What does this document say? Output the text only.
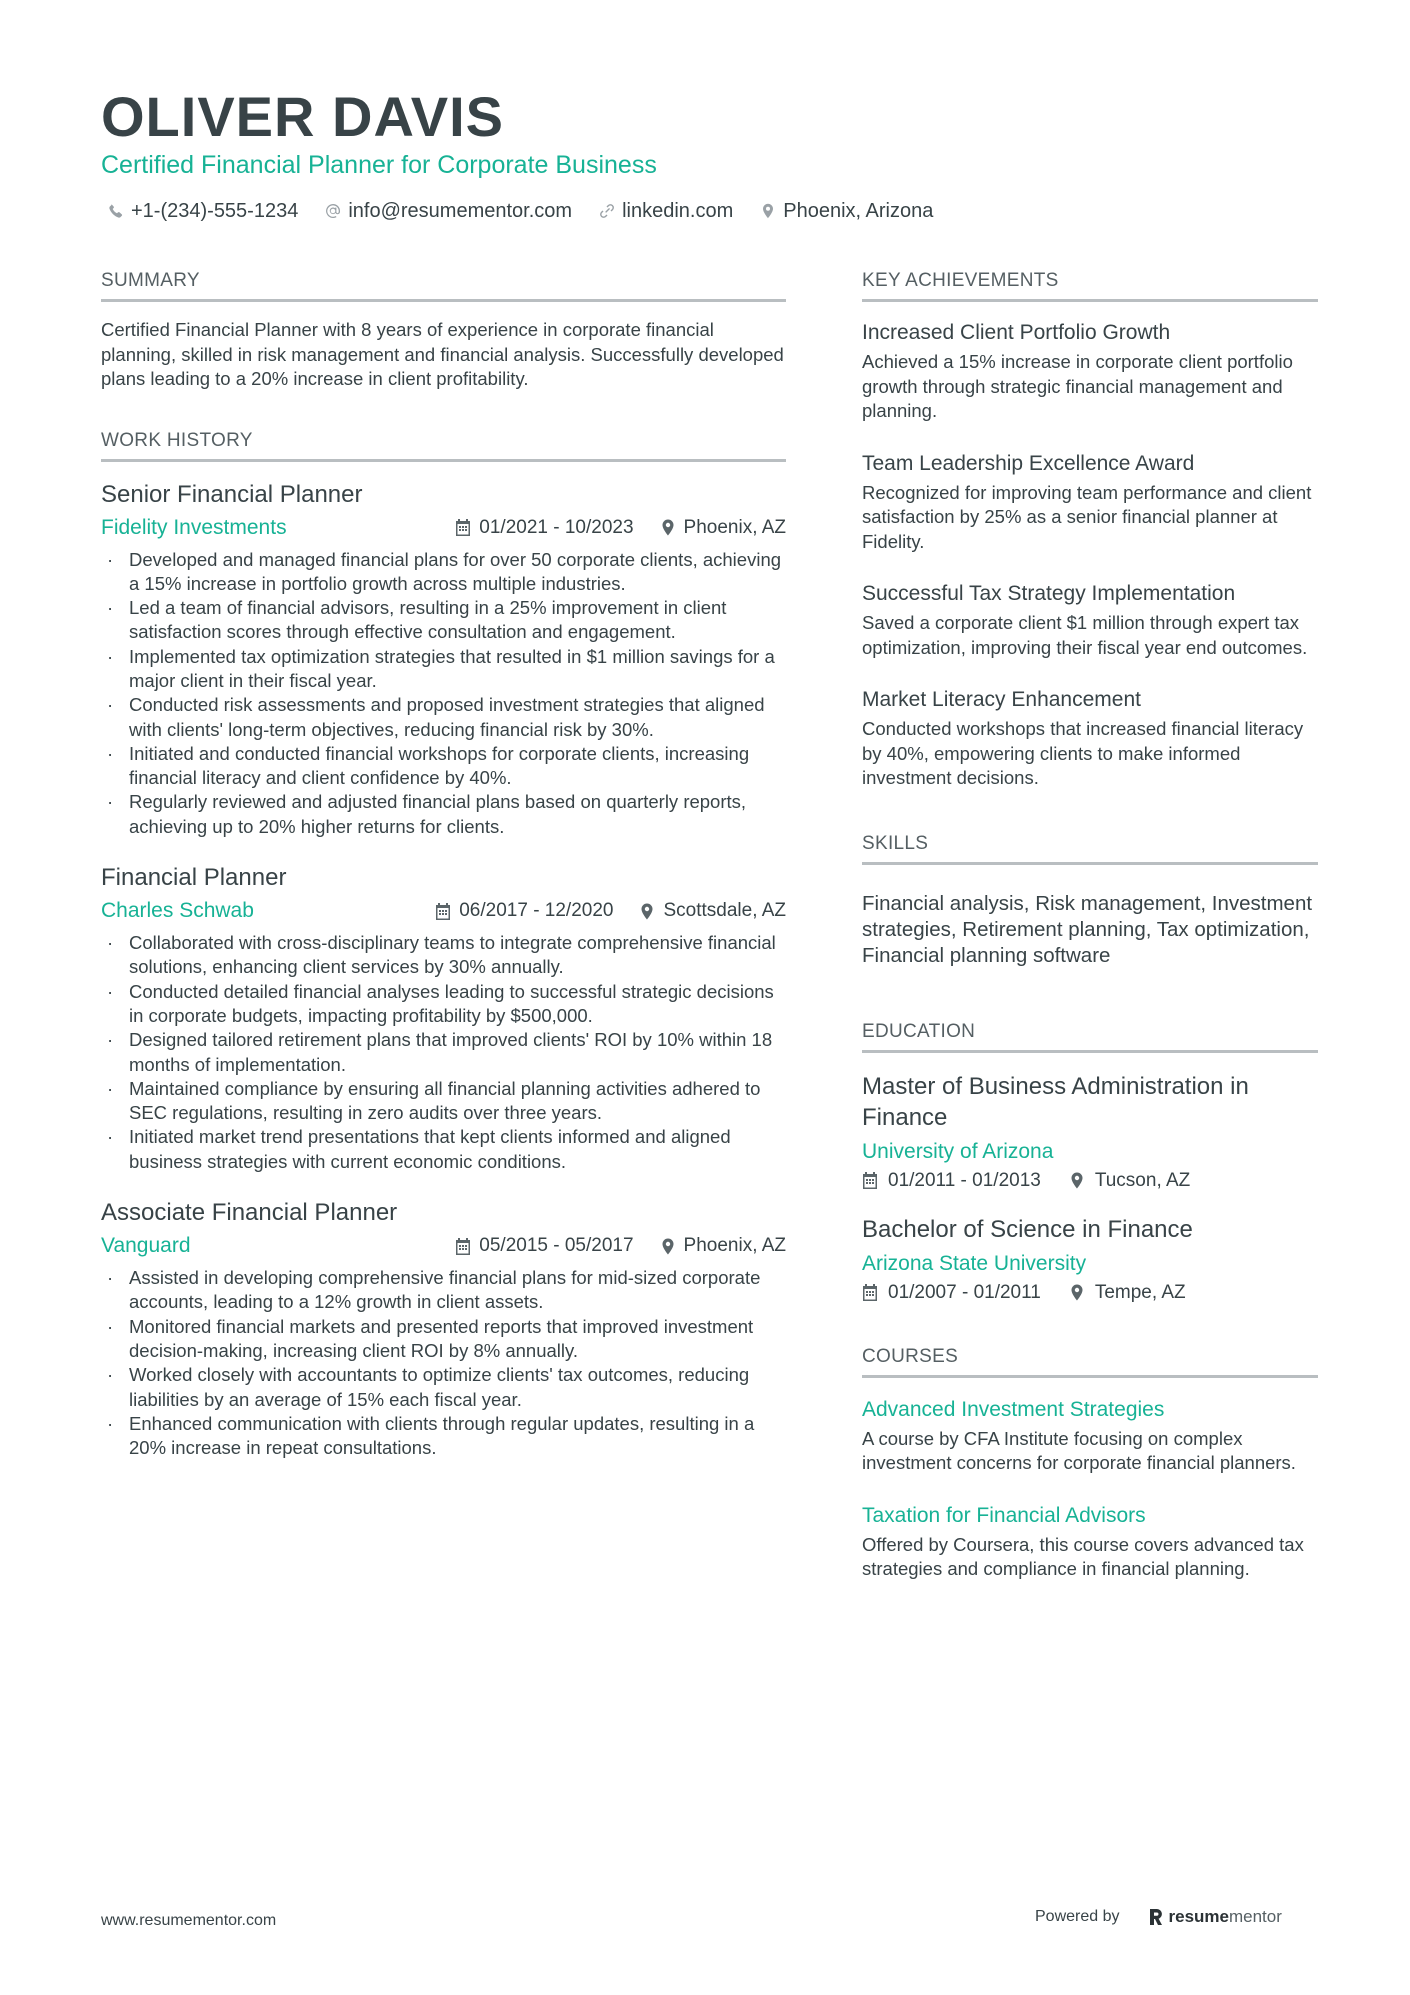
OLIVER DAVIS
Certified Financial Planner for Corporate Business
+1-(234)-555-1234	info@resumementor.com	linkedin.com	Phoenix, Arizona
SUMMARY
Certified Financial Planner with 8 years of experience in corporate financial planning, skilled in risk management and financial analysis. Successfully developed plans leading to a 20% increase in client profitability.
WORK HISTORY
Senior Financial Planner
Fidelity Investments	01/2021 - 10/2023	Phoenix, AZ
· Developed and managed financial plans for over 50 corporate clients, achieving a 15% increase in portfolio growth across multiple industries.
· Led a team of financial advisors, resulting in a 25% improvement in client satisfaction scores through effective consultation and engagement.
· Implemented tax optimization strategies that resulted in $1 million savings for a major client in their fiscal year.
· Conducted risk assessments and proposed investment strategies that aligned with clients' long-term objectives, reducing financial risk by 30%.
· Initiated and conducted financial workshops for corporate clients, increasing financial literacy and client confidence by 40%.
· Regularly reviewed and adjusted financial plans based on quarterly reports, achieving up to 20% higher returns for clients.
Financial Planner
Charles Schwab	06/2017 - 12/2020	Scottsdale, AZ
· Collaborated with cross-disciplinary teams to integrate comprehensive financial solutions, enhancing client services by 30% annually.
· Conducted detailed financial analyses leading to successful strategic decisions in corporate budgets, impacting profitability by $500,000.
· Designed tailored retirement plans that improved clients' ROI by 10% within 18 months of implementation.
· Maintained compliance by ensuring all financial planning activities adhered to SEC regulations, resulting in zero audits over three years.
· Initiated market trend presentations that kept clients informed and aligned business strategies with current economic conditions.
Associate Financial Planner
Vanguard	05/2015 - 05/2017	Phoenix, AZ
· Assisted in developing comprehensive financial plans for mid-sized corporate accounts, leading to a 12% growth in client assets.
· Monitored financial markets and presented reports that improved investment decision-making, increasing client ROI by 8% annually.
· Worked closely with accountants to optimize clients' tax outcomes, reducing liabilities by an average of 15% each fiscal year.
· Enhanced communication with clients through regular updates, resulting in a 20% increase in repeat consultations.
KEY ACHIEVEMENTS
Increased Client Portfolio Growth
Achieved a 15% increase in corporate client portfolio growth through strategic financial management and planning.
Team Leadership Excellence Award
Recognized for improving team performance and client satisfaction by 25% as a senior financial planner at Fidelity.
Successful Tax Strategy Implementation
Saved a corporate client $1 million through expert tax optimization, improving their fiscal year end outcomes.
Market Literacy Enhancement
Conducted workshops that increased financial literacy by 40%, empowering clients to make informed investment decisions.
SKILLS
Financial analysis, Risk management, Investment strategies, Retirement planning, Tax optimization, Financial planning software
EDUCATION
Master of Business Administration in Finance
University of Arizona
01/2011 - 01/2013	Tucson, AZ
Bachelor of Science in Finance
Arizona State University
01/2007 - 01/2011	Tempe, AZ
COURSES
Advanced Investment Strategies
A course by CFA Institute focusing on complex investment concerns for corporate financial planners.
Taxation for Financial Advisors
Offered by Coursera, this course covers advanced tax strategies and compliance in financial planning.
www.resumementor.com	Powered by	resume mentor
